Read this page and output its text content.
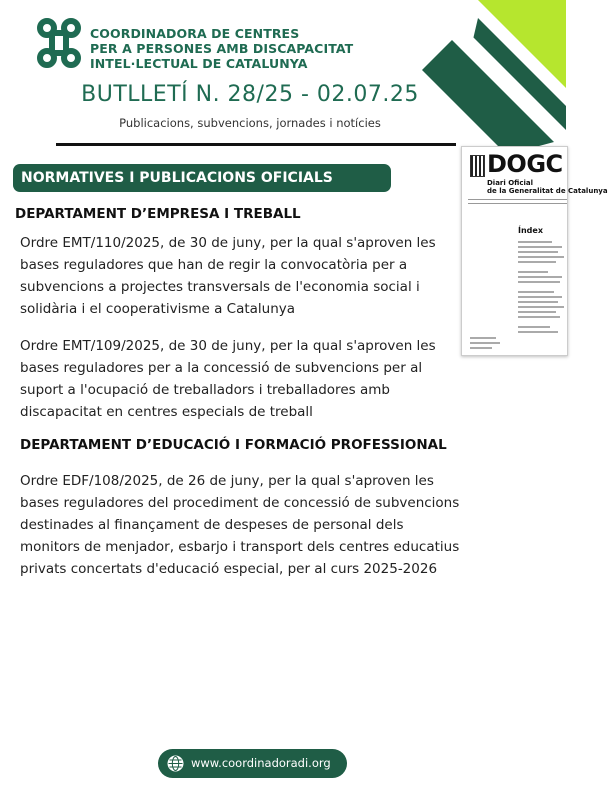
COORDINADORA DE CENTRES
PER A PERSONES AMB DISCAPACITAT
INTEL·LECTUAL DE CATALUNYA
BUTLLETÍ N. 28/25 - 02.07.25
Publicacions, subvencions, jornades i notícies
NORMATIVES I PUBLICACIONS OFICIALS	DOGC
Diari Oficial
de la Generalitat de Catalunya
Índex
DEPARTAMENT D’EMPRESA I TREBALL
Ordre EMT/110/2025, de 30 de juny, per la qual s'aproven les bases reguladores que han de regir la convocatòria per a subvencions a projectes transversals de l'economia social i solidària i el cooperativisme a Catalunya
Ordre EMT/109/2025, de 30 de juny, per la qual s'aproven les bases reguladores per a la concessió de subvencions per al suport a l'ocupació de treballadors i treballadores amb discapacitat en centres especials de treball
DEPARTAMENT D’EDUCACIÓ I FORMACIÓ PROFESSIONAL
Ordre EDF/108/2025, de 26 de juny, per la qual s'aproven les bases reguladores del procediment de concessió de subvencions destinades al finançament de despeses de personal dels monitors de menjador, esbarjo i transport dels centres educatius privats concertats d'educació especial, per al curs 2025-2026
www.coordinadoradi.org
